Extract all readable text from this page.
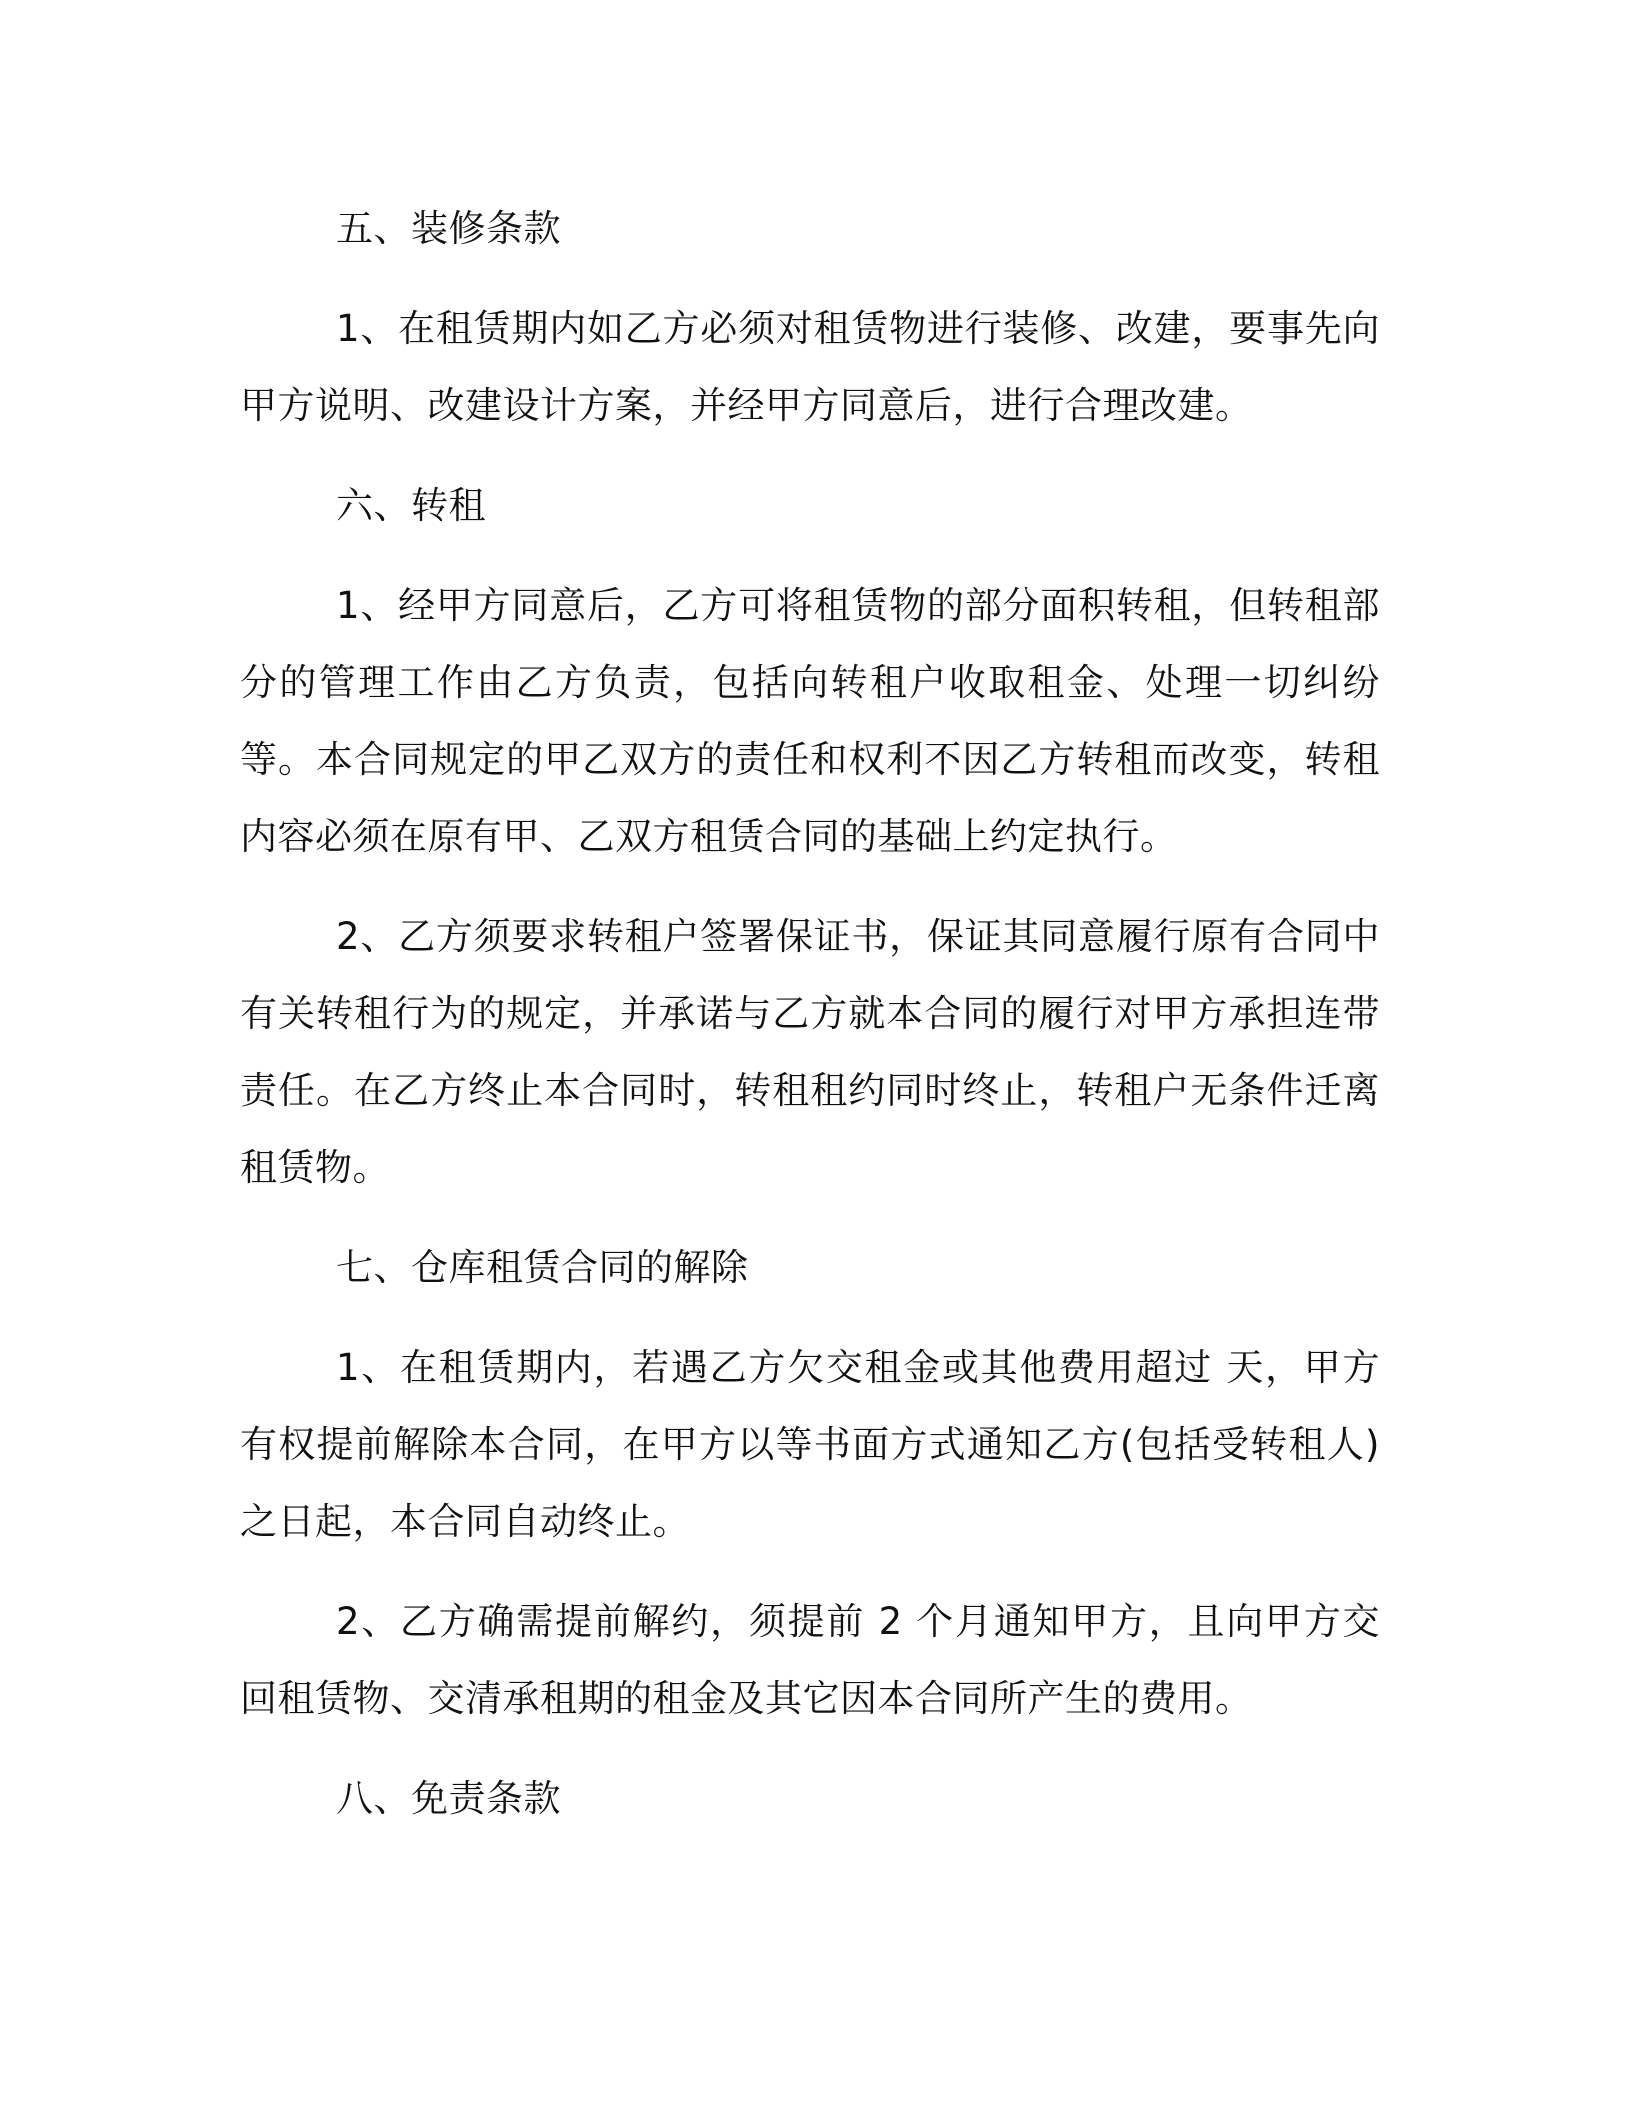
五、装修条款

1、在租赁期内如乙方必须对租赁物进行装修、改建，要事先向甲方说明、改建设计方案，并经甲方同意后，进行合理改建。

六、转租

1、经甲方同意后，乙方可将租赁物的部分面积转租，但转租部分的管理工作由乙方负责，包括向转租户收取租金、处理一切纠纷等。本合同规定的甲乙双方的责任和权利不因乙方转租而改变，转租内容必须在原有甲、乙双方租赁合同的基础上约定执行。

2、乙方须要求转租户签署保证书，保证其同意履行原有合同中有关转租行为的规定，并承诺与乙方就本合同的履行对甲方承担连带责任。在乙方终止本合同时，转租租约同时终止，转租户无条件迁离租赁物。

七、仓库租赁合同的解除

1、在租赁期内，若遇乙方欠交租金或其他费用超过 天，甲方有权提前解除本合同，在甲方以等书面方式通知乙方(包括受转租人)之日起，本合同自动终止。

2、乙方确需提前解约，须提前 2 个月通知甲方，且向甲方交回租赁物、交清承租期的租金及其它因本合同所产生的费用。

八、免责条款
